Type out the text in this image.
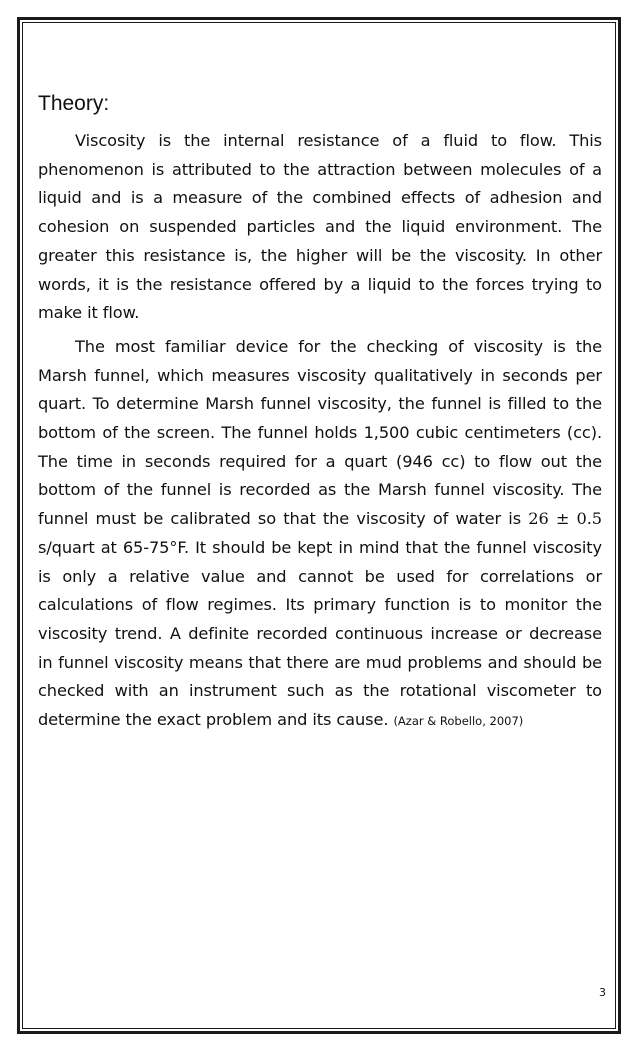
Theory:

Viscosity is the internal resistance of a fluid to flow. This phenomenon is attributed to the attraction between molecules of a liquid and is a measure of the combined effects of adhesion and cohesion on suspended particles and the liquid environment. The greater this resistance is, the higher will be the viscosity. In other words, it is the resistance offered by a liquid to the forces trying to make it flow.

The most familiar device for the checking of viscosity is the Marsh funnel, which measures viscosity qualitatively in seconds per quart. To determine Marsh funnel viscosity, the funnel is filled to the bottom of the screen. The funnel holds 1,500 cubic centimeters (cc). The time in seconds required for a quart (946 cc) to flow out the bottom of the funnel is recorded as the Marsh funnel viscosity. The funnel must be calibrated so that the viscosity of water is 26 ± 0.5 s/quart at 65-75°F. It should be kept in mind that the funnel viscosity is only a relative value and cannot be used for correlations or calculations of flow regimes. Its primary function is to monitor the viscosity trend. A definite recorded continuous increase or decrease in funnel viscosity means that there are mud problems and should be checked with an instrument such as the rotational viscometer to determine the exact problem and its cause. (Azar & Robello, 2007)

3
